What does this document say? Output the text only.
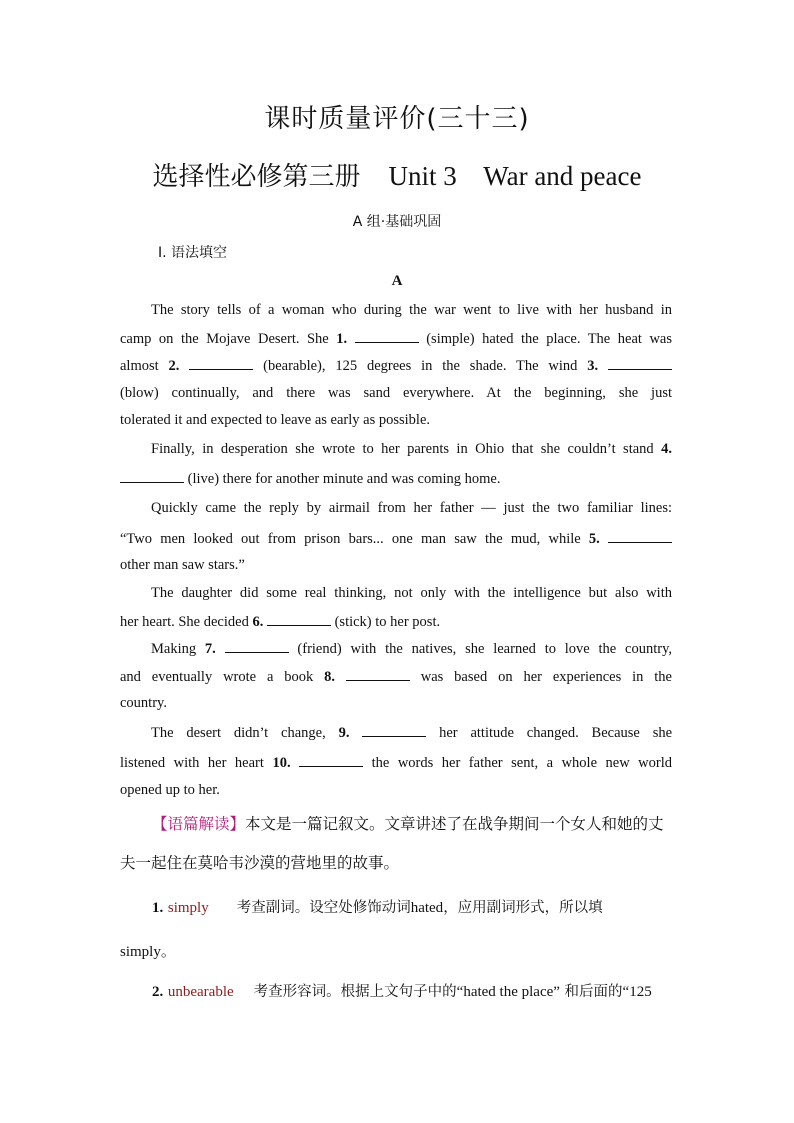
课时质量评价(三十三)
选择性必修第三册 Unit 3    War and peace
A 组·基础巩固
Ⅰ. 语法填空
A
The story tells of a woman who during the war went to live with her husband in
camp on the Mojave Desert. She 1.	(simple) hated the place. The heat was
almost 2.	(bearable), 125 degrees in the shade. The wind 3.
(blow) continually, and there was sand everywhere. At the beginning, she just
tolerated it and expected to leave as early as possible.
Finally, in desperation she wrote to her parents in Ohio that she couldn’t stand 4.
(live) there for another minute and was coming home.
Quickly came the reply by airmail from her father — just the two familiar lines:
“Two men looked out from prison bars... one man saw the mud, while 5.
other man saw stars.”
The daughter did some real thinking, not only with the intelligence but also with
her heart. She decided 6.	(stick) to her post.
Making 7.	(friend) with the natives, she learned to love the country,
and eventually wrote a book 8.	was based on her experiences in the
country.
The desert didn’t change, 9.	her attitude changed. Because she
listened with her heart 10.	the words her father sent, a whole new world
opened up to her.
【语篇解读】本文是一篇记叙文。文章讲述了在战争期间一个女人和她的丈
夫一起住在莫哈韦沙漠的营地里的故事。
1. simply 考查副词。设空处修饰动词hated，应用副词形式，所以填
simply。
2. unbearable 考查形容词。根据上文句子中的“hated the place” 和后面的“125
